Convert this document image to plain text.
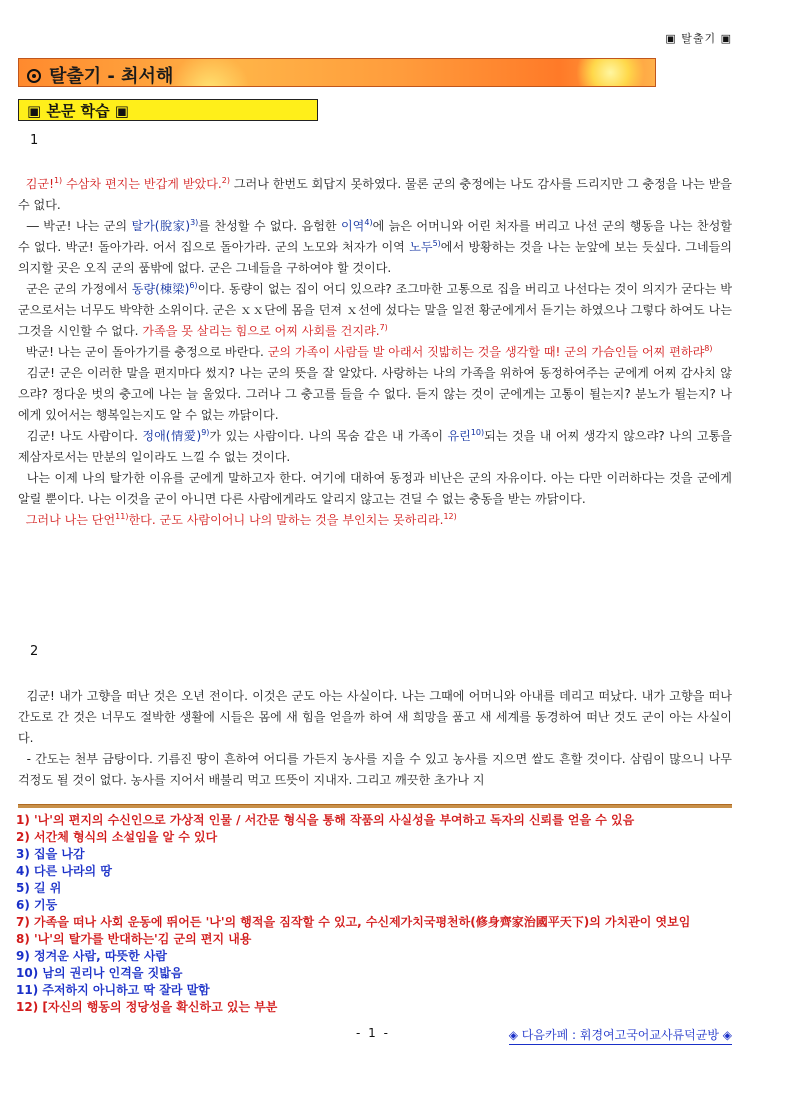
▣ 탈출기 ▣
탈출기 - 최서해
▣ 본문 학습 ▣
1

김군!$^{1)}$ 수삼차 편지는 반갑게 받았다.$^{2)}$ 그러나 한번도 회답지 못하였다. 물론 군의 충정에는 나도 감사를 드리지만 그 충정을 나는 받을 수 없다.

― 박군! 나는 군의 탈가(脫家)$^{3)}$를 찬성할 수 없다. 음험한 이역$^{4)}$에 늙은 어머니와 어린 처자를 버리고 나선 군의 행동을 나는 찬성할 수 없다. 박군! 돌아가라. 어서 집으로 돌아가라. 군의 노모와 처자가 이역 노두$^{5)}$에서 방황하는 것을 나는 눈앞에 보는 듯싶다. 그네들의 의지할 곳은 오직 군의 품밖에 없다. 군은 그네들을 구하여야 할 것이다.

군은 군의 가정에서 동량(棟梁)$^{6)}$이다. 동량이 없는 집이 어디 있으랴? 조그마한 고통으로 집을 버리고 나선다는 것이 의지가 굳다는 박군으로서는 너무도 박약한 소위이다. 군은 ｘｘ단에 몸을 던져 ｘ선에 섰다는 말을 일전 황군에게서 듣기는 하였으나 그렇다 하여도 나는 그것을 시인할 수 없다. 가족을 못 살리는 힘으로 어찌 사회를 건지랴.$^{7)}$

박군! 나는 군이 돌아가기를 충정으로 바란다. 군의 가족이 사람들 발 아래서 짓밟히는 것을 생각할 때! 군의 가슴인들 어찌 편하랴$^{8)}$

김군! 군은 이러한 말을 편지마다 썼지? 나는 군의 뜻을 잘 알았다. 사랑하는 나의 가족을 위하여 동정하여주는 군에게 어찌 감사치 않으랴? 정다운 벗의 충고에 나는 늘 울었다. 그러나 그 충고를 들을 수 없다. 듣지 않는 것이 군에게는 고통이 될는지? 분노가 될는지? 나에게 있어서는 행복일는지도 알 수 없는 까닭이다.

김군! 나도 사람이다. 정애(情愛)$^{9)}$가 있는 사람이다. 나의 목숨 같은 내 가족이 유린$^{10)}$되는 것을 내 어찌 생각지 않으랴? 나의 고통을 제삼자로서는 만분의 일이라도 느낄 수 없는 것이다.

나는 이제 나의 탈가한 이유를 군에게 말하고자 한다. 여기에 대하여 동정과 비난은 군의 자유이다. 아는 다만 이러하다는 것을 군에게 알릴 뿐이다. 나는 이것을 군이 아니면 다른 사람에게라도 알리지 않고는 견딜 수 없는 충동을 받는 까닭이다.

그러나 나는 단언$^{11)}$한다. 군도 사람이어니 나의 말하는 것을 부인치는 못하리라.$^{12)}$

2

김군! 내가 고향을 떠난 것은 오년 전이다. 이것은 군도 아는 사실이다. 나는 그때에 어머니와 아내를 데리고 떠났다. 내가 고향을 떠나 간도로 간 것은 너무도 절박한 생활에 시들은 몸에 새 힘을 얻을까 하여 새 희망을 품고 새 세계를 동경하여 떠난 것도 군이 아는 사실이다.

- 간도는 천부 금탕이다. 기름진 땅이 흔하여 어디를 가든지 농사를 지을 수 있고 농사를 지으면 쌀도 흔할 것이다. 삼림이 많으니 나무 걱정도 될 것이 없다. 농사를 지어서 배불리 먹고 뜨뜻이 지내자. 그리고 깨끗한 초가나 지

1) '나'의 편지의 수신인으로 가상적 인물 / 서간문 형식을 통해 작품의 사실성을 부여하고 독자의 신뢰를 얻을 수 있음
2) 서간체 형식의 소설임을 알 수 있다
3) 집을 나감
4) 다른 나라의 땅
5) 길 위
6) 기둥
7) 가족을 떠나 사회 운동에 뛰어든 '나'의 행적을 짐작할 수 있고, 수신제가치국평천하(修身齊家治國平天下)의 가치관이 엿보임
8) '나'의 탈가를 반대하는'김 군의 편지 내용
9) 정겨운 사람, 따뜻한 사람
10) 남의 권리나 인격을 짓밟음
11) 주저하지 아니하고 딱 잘라 말함
12) [자신의 행동의 정당성을 확신하고 있는 부분
- 1 -	◈ 다음카페 : 휘경여고국어교사류덕균방 ◈
